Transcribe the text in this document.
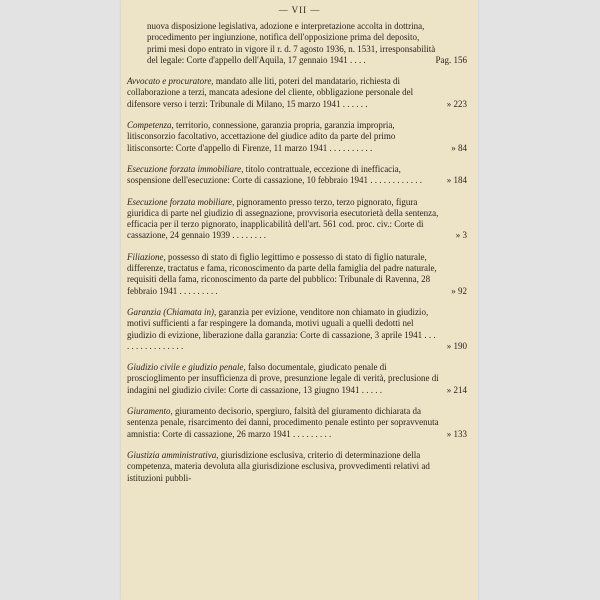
— VII —
nuova disposizione legislativa, adozione e interpretazione accolta in dottrina, procedimento per ingiunzione, notifica dell'opposizione prima del deposito, primi mesi dopo entrato in vigore il r. d. 7 agosto 1936, n. 1531, irresponsabilità del legale: Corte d'appello dell'Aquila, 17 gennaio 1941 . . . .	Pag. 156
Avvocato e procuratore, mandato alle liti, poteri del mandatario, richiesta di collaborazione a terzi, mancata adesione del cliente, obbligazione personale del difensore verso i terzi: Tribunale di Milano, 15 marzo 1941 . . . . . .	» 223
Competenza, territorio, connessione, garanzia propria, garanzia impropria, litisconsorzio facoltativo, accettazione del giudice adito da parte del primo litisconsorte: Corte d'appello di Firenze, 11 marzo 1941 . . . . . . . . . .	» 84
Esecuzione forzata immobiliare, titolo contrattuale, eccezione di inefficacia, sospensione dell'esecuzione: Corte di cassazione, 10 febbraio 1941 . . . . . . . . . . . .	» 184
Esecuzione forzata mobiliare, pignoramento presso terzo, terzo pignorato, figura giuridica di parte nel giudizio di assegnazione, provvisoria esecutorietà della sentenza, efficacia per il terzo pignorato, inapplicabilità dell'art. 561 cod. proc. civ.: Corte di cassazione, 24 gennaio 1939 . . . . . . . .	» 3
Filiazione, possesso di stato di figlio legittimo e possesso di stato di figlio naturale, differenze, tractatus e fama, riconoscimento da parte della famiglia del padre naturale, requisiti della fama, riconoscimento da parte del pubblico: Tribunale di Ravenna, 28 febbraio 1941 . . . . . . . . .	» 92
Garanzia (Chiamata in), garanzia per evizione, venditore non chiamato in giudizio, motivi sufficienti a far respingere la domanda, motivi uguali a quelli dedotti nel giudizio di evizione, liberazione dalla garanzia: Corte di cassazione, 3 aprile 1941 . . . . . . . . . . . . . . . .	» 190
Giudizio civile e giudizio penale, falso documentale, giudicato penale di proscioglimento per insufficienza di prove, presunzione legale di verità, preclusione di indagini nel giudizio civile: Corte di cassazione, 13 giugno 1941 . . . . .	» 214
Giuramento, giuramento decisorio, spergiuro, falsità del giuramento dichiarata da sentenza penale, risarcimento dei danni, procedimento penale estinto per sopravvenuta amnistia: Corte di cassazione, 26 marzo 1941 . . . . . . . . .	» 133
Giustizia amministrativa, giurisdizione esclusiva, criterio di determinazione della competenza, materia devoluta alla giurisdizione esclusiva, provvedimenti relativi ad istituzioni pubbli-
